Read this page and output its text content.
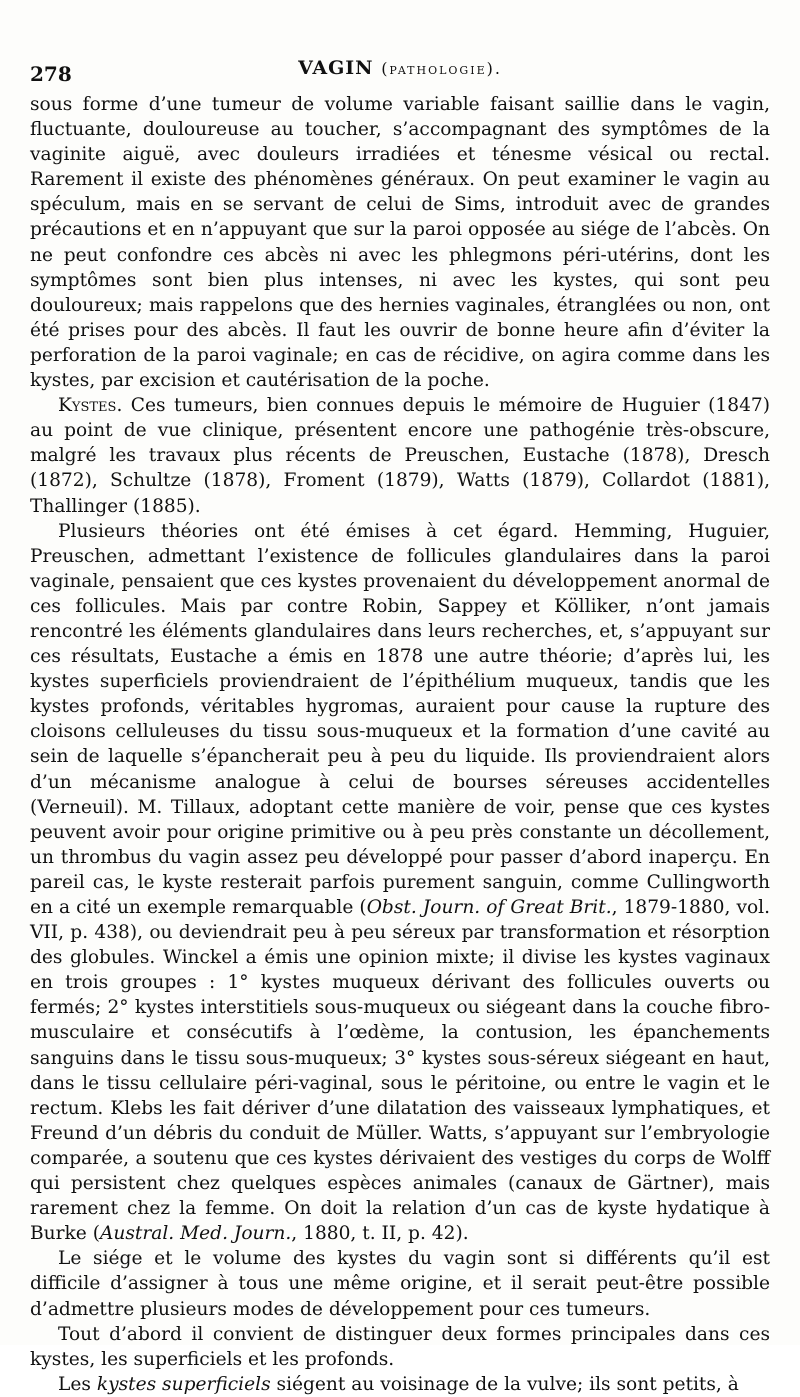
278	VAGIN (pathologie).

sous forme d’une tumeur de volume variable faisant saillie dans le vagin, fluctuante, douloureuse au toucher, s’accompagnant des symptômes de la vaginite aiguë, avec douleurs irradiées et ténesme vésical ou rectal. Rarement il existe des phénomènes généraux. On peut examiner le vagin au spéculum, mais en se servant de celui de Sims, introduit avec de grandes précautions et en n’appuyant que sur la paroi opposée au siége de l’abcès. On ne peut confondre ces abcès ni avec les phlegmons péri-utérins, dont les symptômes sont bien plus intenses, ni avec les kystes, qui sont peu douloureux; mais rappelons que des hernies vaginales, étranglées ou non, ont été prises pour des abcès. Il faut les ouvrir de bonne heure afin d’éviter la perforation de la paroi vaginale; en cas de récidive, on agira comme dans les kystes, par excision et cautérisation de la poche.

Kystes. Ces tumeurs, bien connues depuis le mémoire de Huguier (1847) au point de vue clinique, présentent encore une pathogénie très-obscure, malgré les travaux plus récents de Preuschen, Eustache (1878), Dresch (1872), Schultze (1878), Froment (1879), Watts (1879), Collardot (1881), Thallinger (1885).

Plusieurs théories ont été émises à cet égard. Hemming, Huguier, Preuschen, admettant l’existence de follicules glandulaires dans la paroi vaginale, pensaient que ces kystes provenaient du développement anormal de ces follicules. Mais par contre Robin, Sappey et Kölliker, n’ont jamais rencontré les éléments glandulaires dans leurs recherches, et, s’appuyant sur ces résultats, Eustache a émis en 1878 une autre théorie; d’après lui, les kystes superficiels proviendraient de l’épithélium muqueux, tandis que les kystes profonds, véritables hygromas, auraient pour cause la rupture des cloisons celluleuses du tissu sous-muqueux et la formation d’une cavité au sein de laquelle s’épancherait peu à peu du liquide. Ils proviendraient alors d’un mécanisme analogue à celui de bourses séreuses accidentelles (Verneuil). M. Tillaux, adoptant cette manière de voir, pense que ces kystes peuvent avoir pour origine primitive ou à peu près constante un décollement, un thrombus du vagin assez peu développé pour passer d’abord inaperçu. En pareil cas, le kyste resterait parfois purement sanguin, comme Cullingworth en a cité un exemple remarquable (Obst. Journ. of Great Brit., 1879-1880, vol. VII, p. 438), ou deviendrait peu à peu séreux par transformation et résorption des globules. Winckel a émis une opinion mixte; il divise les kystes vaginaux en trois groupes : 1° kystes muqueux dérivant des follicules ouverts ou fermés; 2° kystes interstitiels sous-muqueux ou siégeant dans la couche fibro-musculaire et consécutifs à l’œdème, la contusion, les épanchements sanguins dans le tissu sous-muqueux; 3° kystes sous-séreux siégeant en haut, dans le tissu cellulaire péri-vaginal, sous le péritoine, ou entre le vagin et le rectum. Klebs les fait dériver d’une dilatation des vaisseaux lymphatiques, et Freund d’un débris du conduit de Müller. Watts, s’appuyant sur l’embryologie comparée, a soutenu que ces kystes dérivaient des vestiges du corps de Wolff qui persistent chez quelques espèces animales (canaux de Gärtner), mais rarement chez la femme. On doit la relation d’un cas de kyste hydatique à Burke (Austral. Med. Journ., 1880, t. II, p. 42).

Le siége et le volume des kystes du vagin sont si différents qu’il est difficile d’assigner à tous une même origine, et il serait peut-être possible d’admettre plusieurs modes de développement pour ces tumeurs.

Tout d’abord il convient de distinguer deux formes principales dans ces kystes, les superficiels et les profonds.

Les kystes superficiels siégent au voisinage de la vulve; ils sont petits, à
